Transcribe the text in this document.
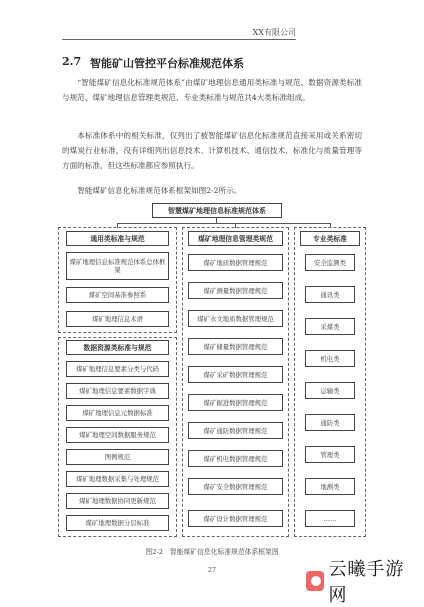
XX有限公司
2.7 智能矿山管控平台标准规范体系
“智能煤矿信息化标准规范体系”由煤矿地理信息通用类标准与规范、数据资源类标准与规范、煤矿地理信息管理类规范、专业类标准与规范共4大类标准组成。
本标准体系中的相关标准，仅列出了被智能煤矿信息化标准规范直接采用或关系密切的煤炭行业标准，没有详细列出信息技术、计算机技术、通信技术、标准化与质量管理等方面的标准，但这些标准都应参照执行。
智能煤矿信息化标准规范体系框架如图2-2所示。
智慧煤矿地理信息标准规范体系
通用类标准与规范
煤矿地理信息标准规范体系总体框架
煤矿空间基准参照系
煤矿地理信息术语
数据资源类标准与规范
煤矿地理信息要素分类与代码
煤矿地理信息要素数据字典
煤矿地理信息元数据标准
煤矿地理空间数据服务规范
图例规范
煤矿地理数据采集与处理规范
煤矿地理数据协同更新规范
煤矿地理数据分层标准
煤矿地理信息管理类规范
煤矿地质数据管理规范
煤矿测量数据管理规范
煤矿水文地质数据管理规范
煤矿储量数据管理规范
煤矿采矿数据管理规范
煤矿掘进数据管理规范
煤矿通防数据管理规范
煤矿机电数据管理规范
煤矿安全数据管理规范
煤矿设计数据管理规范
专业类标准
安全监测类
通讯类
采煤类
机电类
运输类
通防类
管理类
地测类
……
图2-2　智能煤矿信息化标准规范体系框架图
27	云曦手游网
